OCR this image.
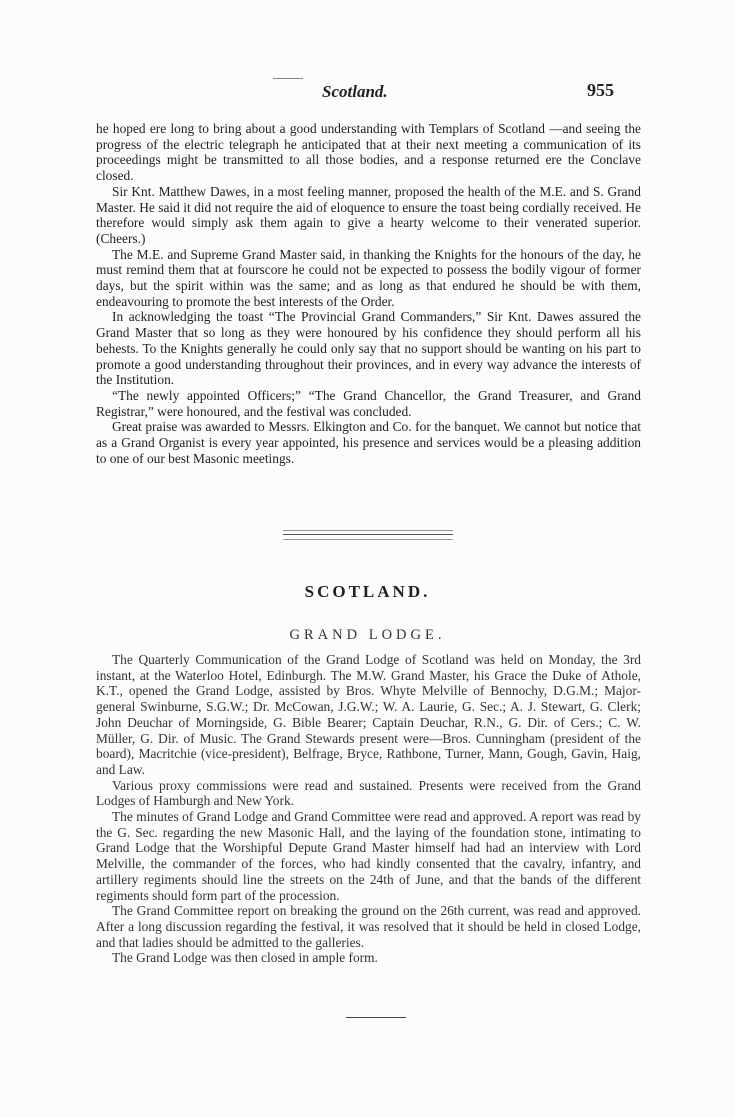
Scotland.	955

he hoped ere long to bring about a good understanding with Templars of Scotland —and seeing the progress of the electric telegraph he anticipated that at their next meeting a communication of its proceedings might be transmitted to all those bodies, and a response returned ere the Conclave closed.

Sir Knt. Matthew Dawes, in a most feeling manner, proposed the health of the M.E. and S. Grand Master. He said it did not require the aid of eloquence to ensure the toast being cordially received. He therefore would simply ask them again to give a hearty welcome to their venerated superior. (Cheers.)

The M.E. and Supreme Grand Master said, in thanking the Knights for the honours of the day, he must remind them that at fourscore he could not be expected to possess the bodily vigour of former days, but the spirit within was the same; and as long as that endured he should be with them, endeavouring to promote the best interests of the Order.

In acknowledging the toast “The Provincial Grand Commanders,” Sir Knt. Dawes assured the Grand Master that so long as they were honoured by his confidence they should perform all his behests. To the Knights generally he could only say that no support should be wanting on his part to promote a good understanding throughout their provinces, and in every way advance the interests of the Institution.

“The newly appointed Officers;” “The Grand Chancellor, the Grand Treasurer, and Grand Registrar,” were honoured, and the festival was concluded.

Great praise was awarded to Messrs. Elkington and Co. for the banquet. We cannot but notice that as a Grand Organist is every year appointed, his presence and services would be a pleasing addition to one of our best Masonic meetings.

SCOTLAND.
GRAND LODGE.

The Quarterly Communication of the Grand Lodge of Scotland was held on Monday, the 3rd instant, at the Waterloo Hotel, Edinburgh. The M.W. Grand Master, his Grace the Duke of Athole, K.T., opened the Grand Lodge, assisted by Bros. Whyte Melville of Bennochy, D.G.M.; Major-general Swinburne, S.G.W.; Dr. McCowan, J.G.W.; W. A. Laurie, G. Sec.; A. J. Stewart, G. Clerk; John Deuchar of Morningside, G. Bible Bearer; Captain Deuchar, R.N., G. Dir. of Cers.; C. W. Müller, G. Dir. of Music. The Grand Stewards present were—Bros. Cunningham (president of the board), Macritchie (vice-president), Belfrage, Bryce, Rathbone, Turner, Mann, Gough, Gavin, Haig, and Law.

Various proxy commissions were read and sustained. Presents were received from the Grand Lodges of Hamburgh and New York.

The minutes of Grand Lodge and Grand Committee were read and approved. A report was read by the G. Sec. regarding the new Masonic Hall, and the laying of the foundation stone, intimating to Grand Lodge that the Worshipful Depute Grand Master himself had had an interview with Lord Melville, the commander of the forces, who had kindly consented that the cavalry, infantry, and artillery regiments should line the streets on the 24th of June, and that the bands of the different regiments should form part of the procession.

The Grand Committee report on breaking the ground on the 26th current, was read and approved. After a long discussion regarding the festival, it was resolved that it should be held in closed Lodge, and that ladies should be admitted to the galleries.

The Grand Lodge was then closed in ample form.
